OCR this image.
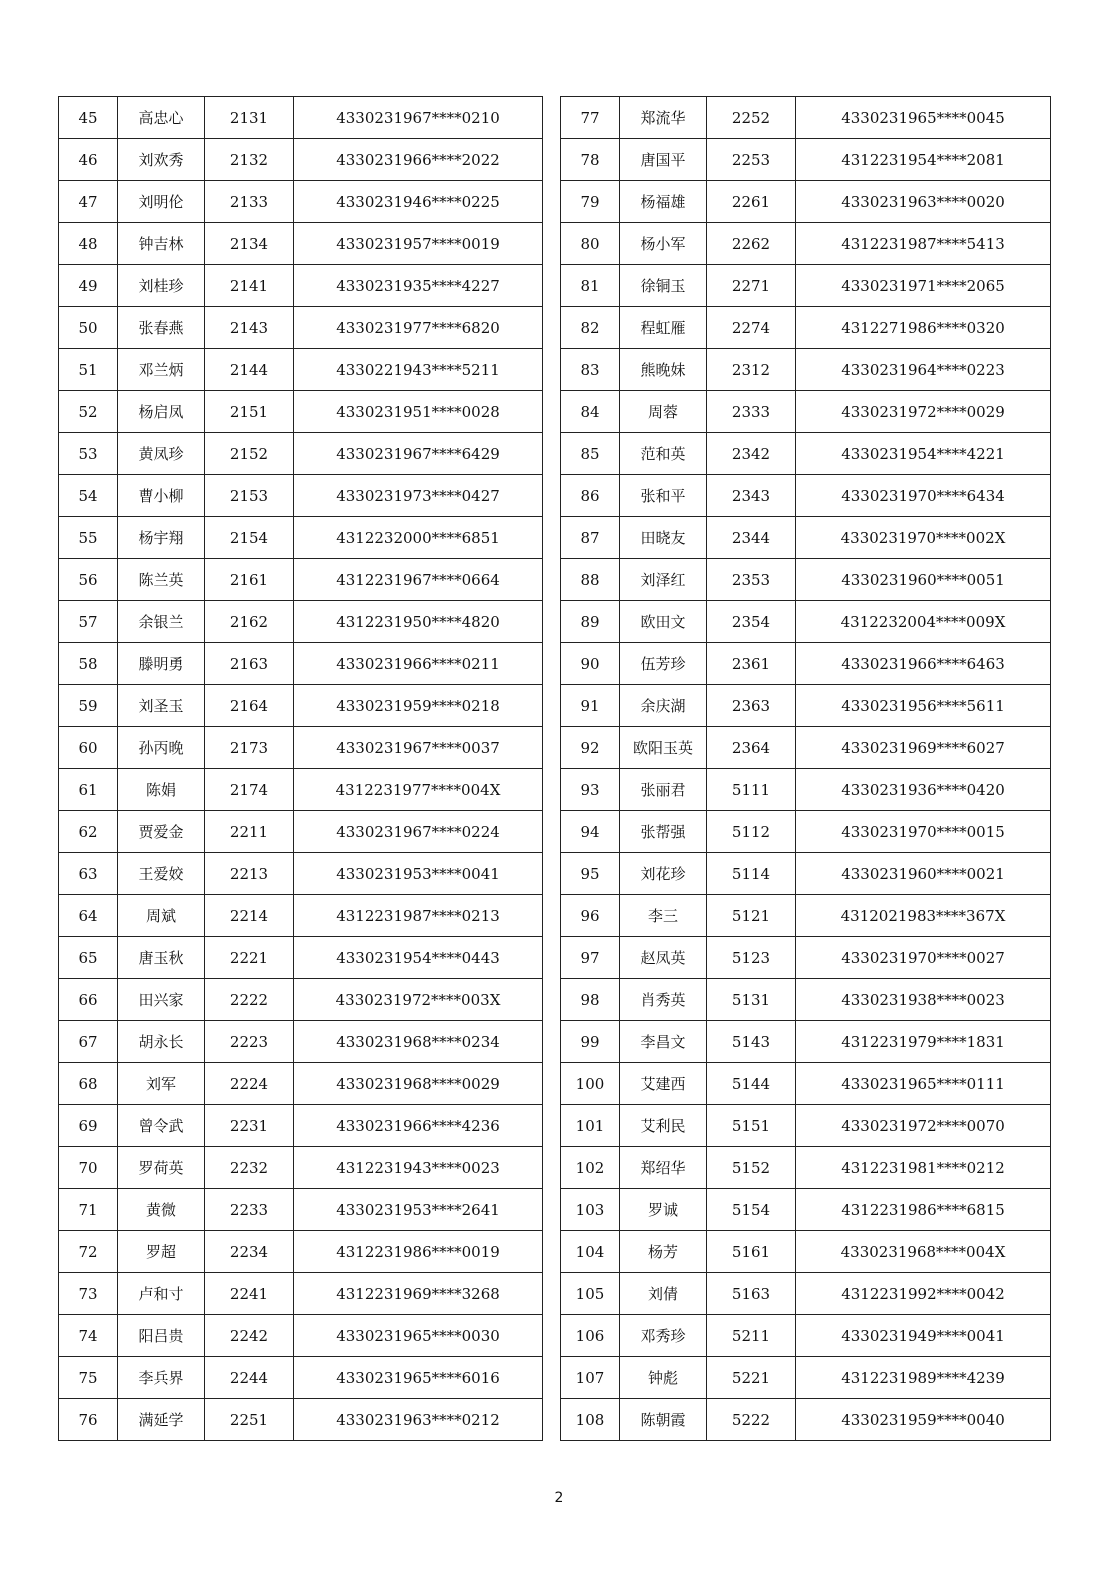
45	高忠心	2131	4330231967****0210
46	刘欢秀	2132	4330231966****2022
47	刘明伦	2133	4330231946****0225
48	钟吉林	2134	4330231957****0019
49	刘桂珍	2141	4330231935****4227
50	张春燕	2143	4330231977****6820
51	邓兰炳	2144	4330221943****5211
52	杨启凤	2151	4330231951****0028
53	黄凤珍	2152	4330231967****6429
54	曹小柳	2153	4330231973****0427
55	杨宇翔	2154	4312232000****6851
56	陈兰英	2161	4312231967****0664
57	余银兰	2162	4312231950****4820
58	滕明勇	2163	4330231966****0211
59	刘圣玉	2164	4330231959****0218
60	孙丙晚	2173	4330231967****0037
61	陈娟	2174	4312231977****004X
62	贾爱金	2211	4330231967****0224
63	王爱姣	2213	4330231953****0041
64	周斌	2214	4312231987****0213
65	唐玉秋	2221	4330231954****0443
66	田兴家	2222	4330231972****003X
67	胡永长	2223	4330231968****0234
68	刘军	2224	4330231968****0029
69	曾令武	2231	4330231966****4236
70	罗荷英	2232	4312231943****0023
71	黄微	2233	4330231953****2641
72	罗超	2234	4312231986****0019
73	卢和寸	2241	4312231969****3268
74	阳吕贵	2242	4330231965****0030
75	李兵界	2244	4330231965****6016
76	满延学	2251	4330231963****0212
77	郑流华	2252	4330231965****0045
78	唐国平	2253	4312231954****2081
79	杨福雄	2261	4330231963****0020
80	杨小军	2262	4312231987****5413
81	徐铜玉	2271	4330231971****2065
82	程虹雁	2274	4312271986****0320
83	熊晚妹	2312	4330231964****0223
84	周蓉	2333	4330231972****0029
85	范和英	2342	4330231954****4221
86	张和平	2343	4330231970****6434
87	田晓友	2344	4330231970****002X
88	刘泽红	2353	4330231960****0051
89	欧田文	2354	4312232004****009X
90	伍芳珍	2361	4330231966****6463
91	余庆湖	2363	4330231956****5611
92	欧阳玉英	2364	4330231969****6027
93	张丽君	5111	4330231936****0420
94	张帮强	5112	4330231970****0015
95	刘花珍	5114	4330231960****0021
96	李三	5121	4312021983****367X
97	赵凤英	5123	4330231970****0027
98	肖秀英	5131	4330231938****0023
99	李昌文	5143	4312231979****1831
100	艾建西	5144	4330231965****0111
101	艾利民	5151	4330231972****0070
102	郑绍华	5152	4312231981****0212
103	罗诚	5154	4312231986****6815
104	杨芳	5161	4330231968****004X
105	刘倩	5163	4312231992****0042
106	邓秀珍	5211	4330231949****0041
107	钟彪	5221	4312231989****4239
108	陈朝霞	5222	4330231959****0040
2
